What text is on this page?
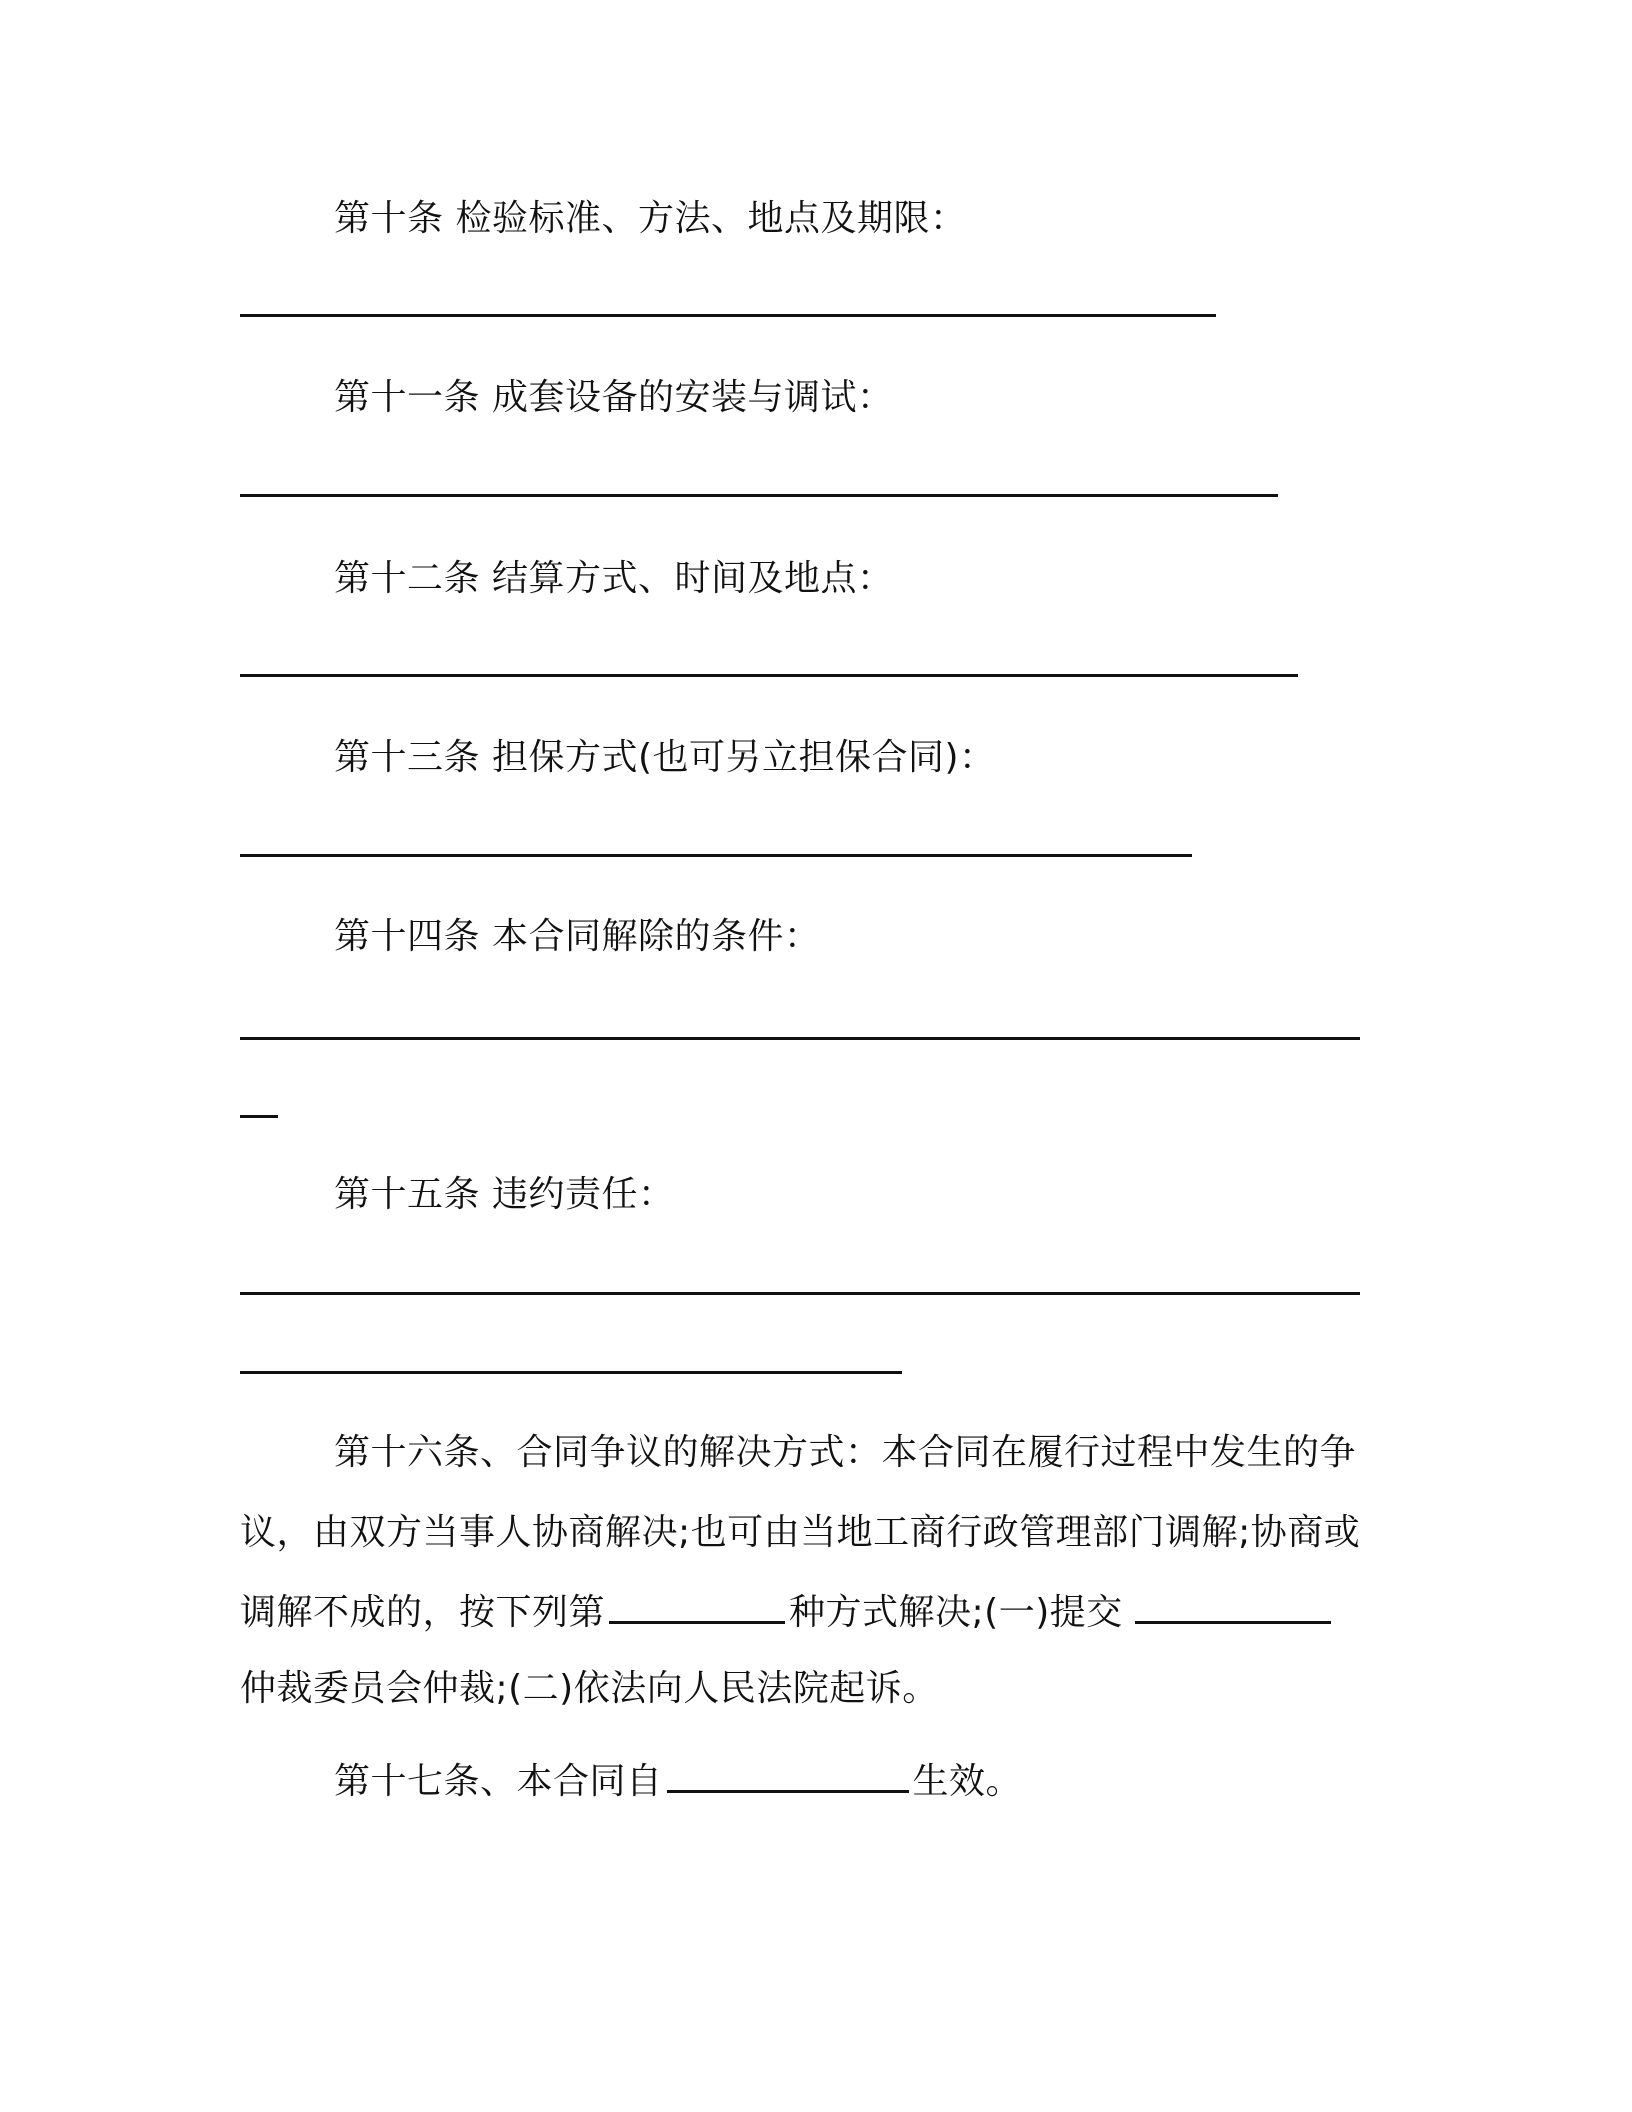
第十条 检验标准、方法、地点及期限：
第十一条 成套设备的安装与调试：
第十二条 结算方式、时间及地点：
第十三条 担保方式(也可另立担保合同)：
第十四条 本合同解除的条件：
第十五条 违约责任：
第十六条、合同争议的解决方式：本合同在履行过程中发生的争
议，由双方当事人协商解决;也可由当地工商行政管理部门调解;协商或
调解不成的，按下列第	种方式解决;(一)提交
仲裁委员会仲裁;(二)依法向人民法院起诉。
第十七条、本合同自	生效。
